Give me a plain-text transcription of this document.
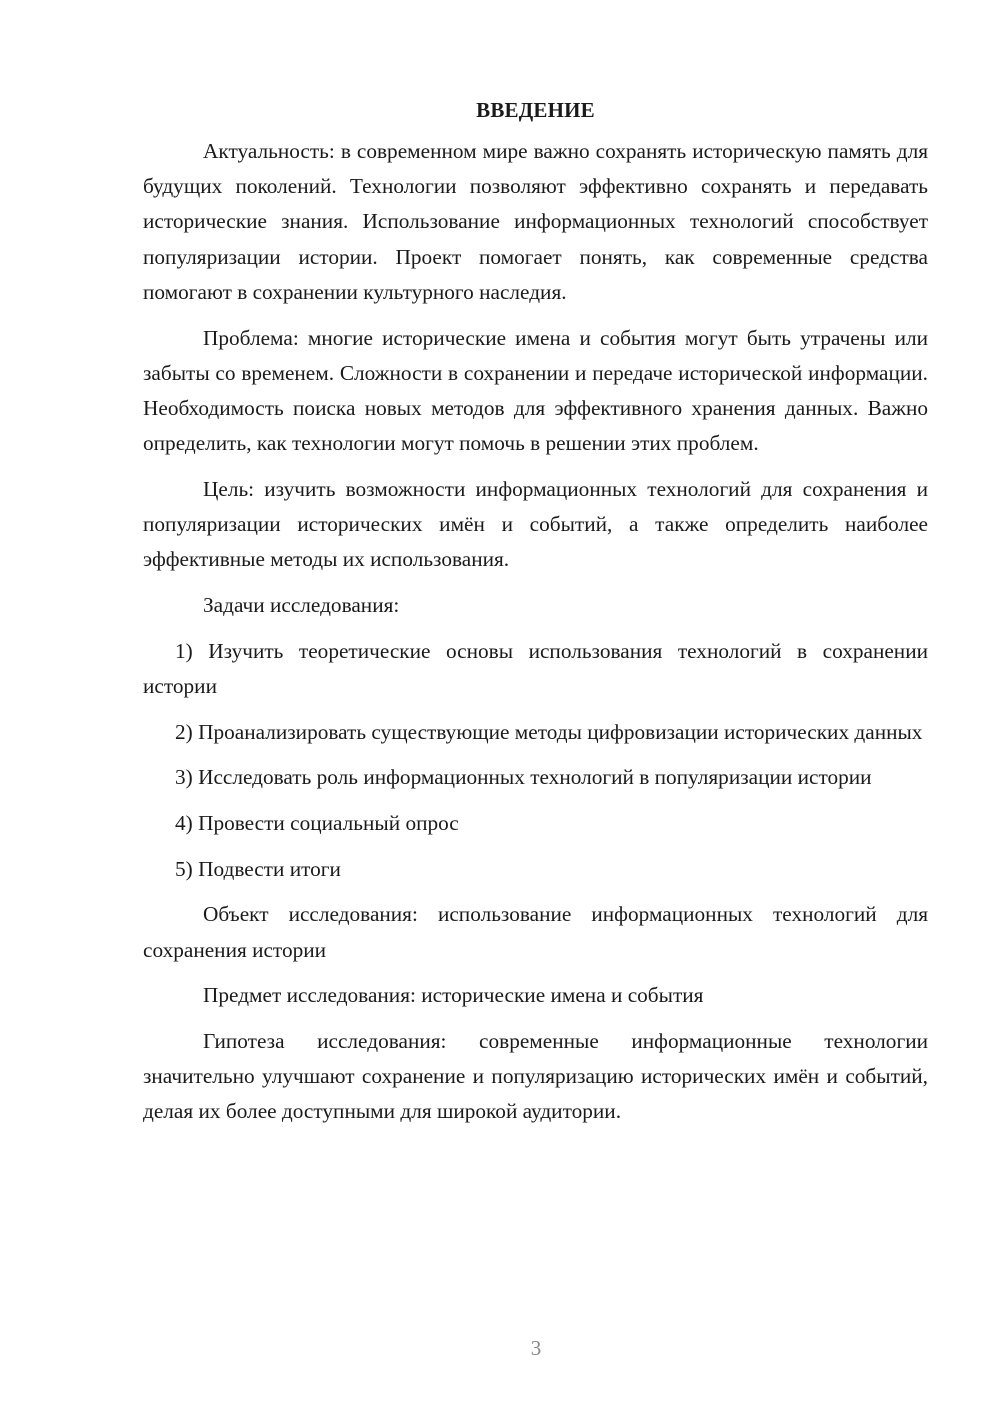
ВВЕДЕНИЕ

Актуальность: в современном мире важно сохранять историческую память для будущих поколений. Технологии позволяют эффективно сохранять и передавать исторические знания. Использование информационных технологий способствует популяризации истории. Проект помогает понять, как современные средства помогают в сохранении культурного наследия.

Проблема: многие исторические имена и события могут быть утрачены или забыты со временем. Сложности в сохранении и передаче исторической информации. Необходимость поиска новых методов для эффективного хранения данных. Важно определить, как технологии могут помочь в решении этих проблем.

Цель: изучить возможности информационных технологий для сохранения и популяризации исторических имён и событий, а также определить наиболее эффективные методы их использования.

Задачи исследования:

1) Изучить теоретические основы использования технологий в сохранении истории

2) Проанализировать существующие методы цифровизации исторических данных

3) Исследовать роль информационных технологий в популяризации истории

4) Провести социальный опрос

5) Подвести итоги

Объект исследования: использование информационных технологий для сохранения истории

Предмет исследования: исторические имена и события

Гипотеза исследования: современные информационные технологии значительно улучшают сохранение и популяризацию исторических имён и событий, делая их более доступными для широкой аудитории.

3
